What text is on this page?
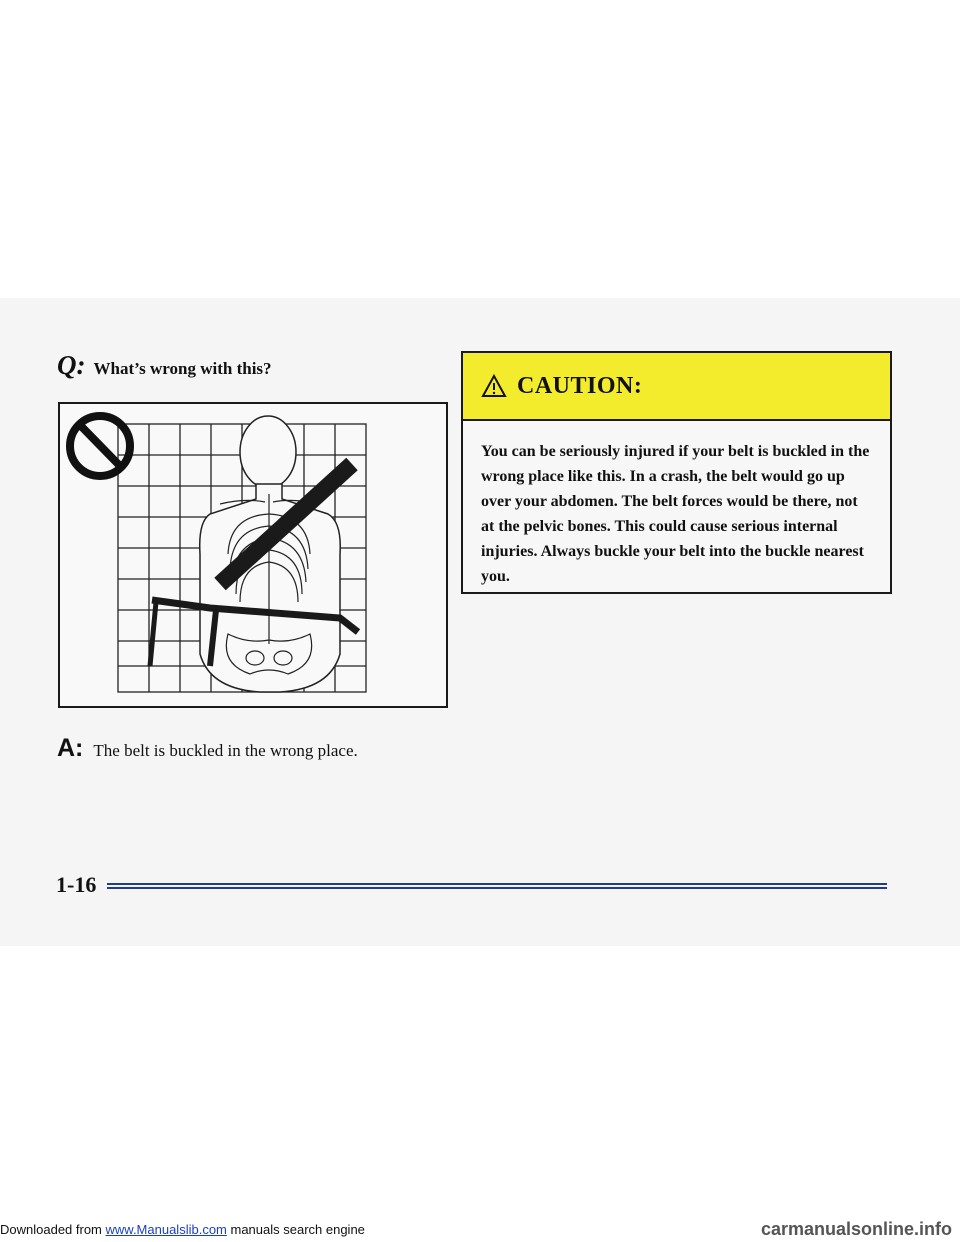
Q: What’s wrong with this?
A: The belt is buckled in the wrong place.
CAUTION:
You can be seriously injured if your belt is buckled in the wrong place like this. In a crash, the belt would go up over your abdomen. The belt forces would be there, not at the pelvic bones. This could cause serious internal injuries. Always buckle your belt into the buckle nearest you.
1-16
Downloaded from www.Manualslib.com manuals search engine	carmanualsonline.info
